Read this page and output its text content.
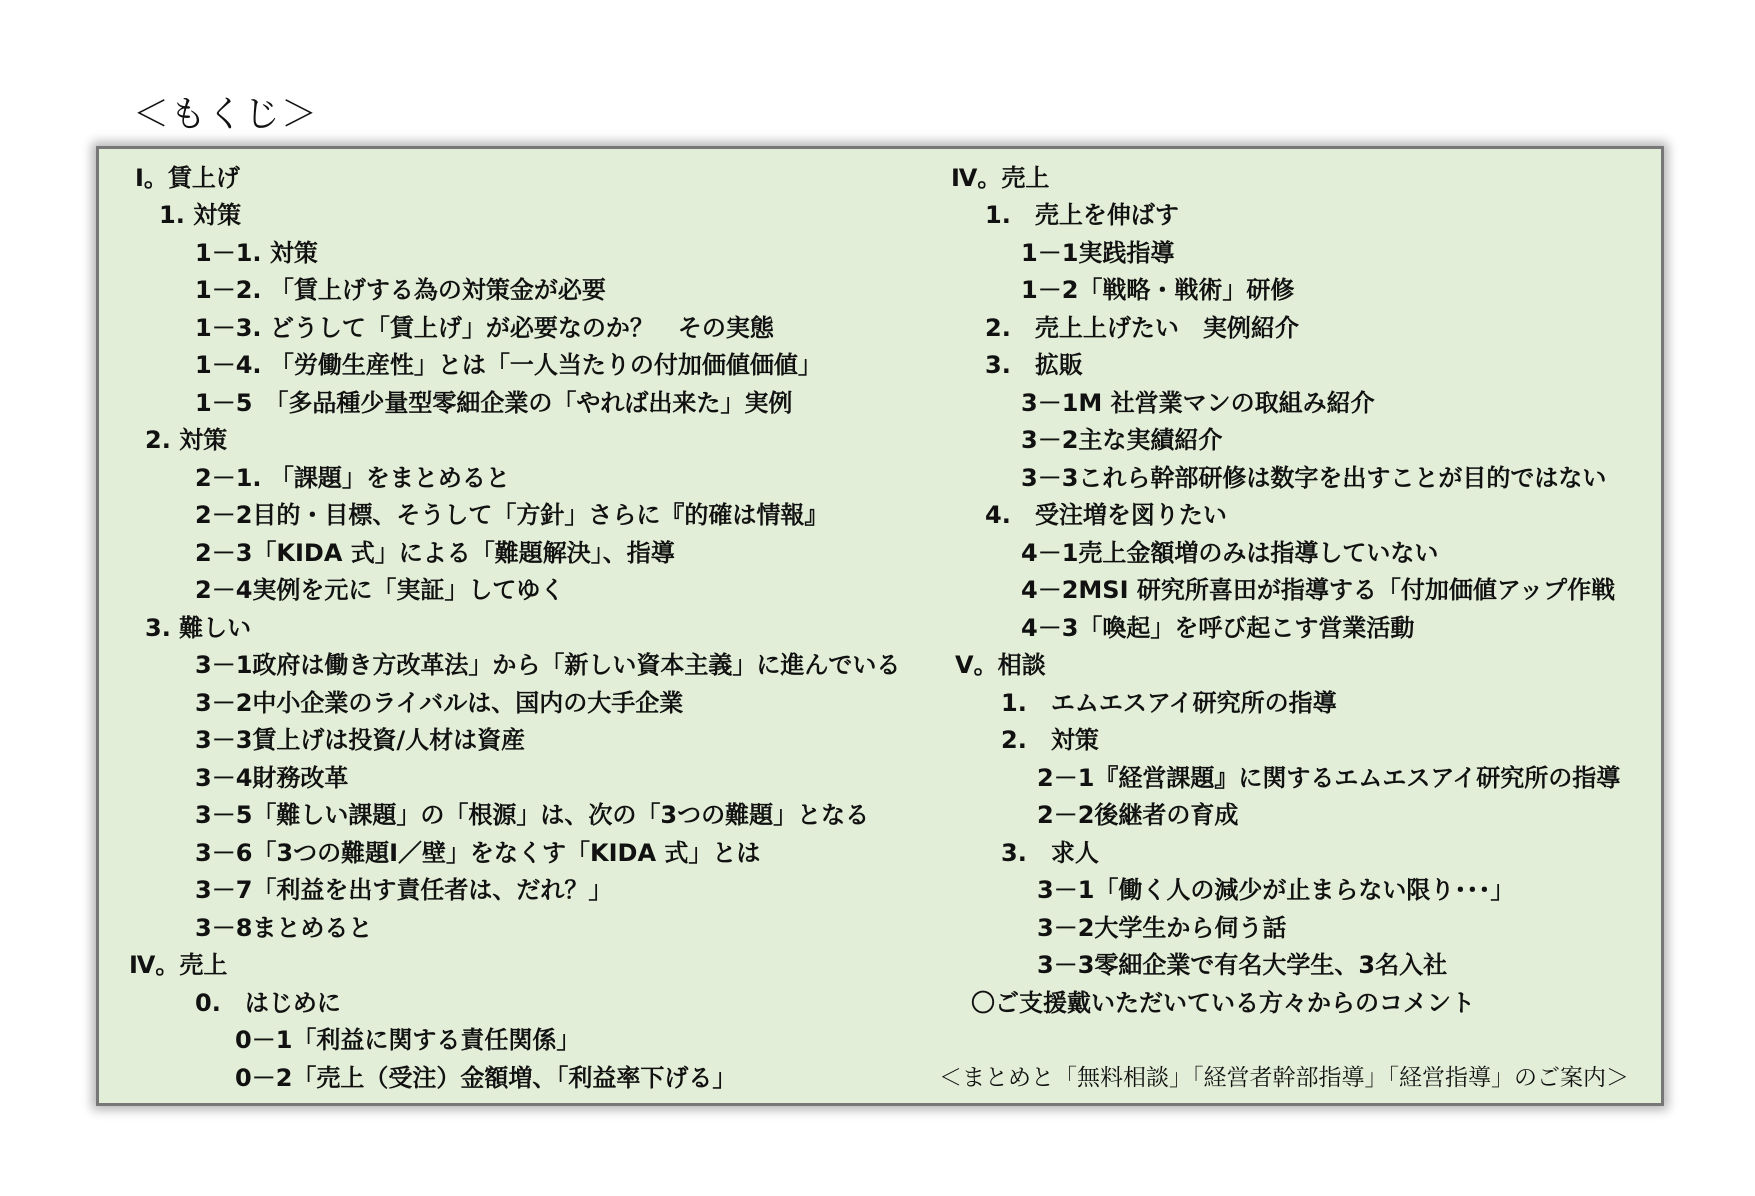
＜もくじ＞
Ⅰ。賃上げ
1. 対策
1－1. 対策
1－2. 「賃上げする為の対策金が必要
1－3. どうして「賃上げ」が必要なのか？　その実態
1－4. 「労働生産性」とは「一人当たりの付加価値価値」
1－5　「多品種少量型零細企業の「やれば出来た」実例
2. 対策
2－1. 「課題」をまとめると
2－2目的・目標、そうして「方針」さらに『的確は情報』
2－3「KIDA 式」による「難題解決」、指導
2－4実例を元に「実証」してゆく
3. 難しい
3－1政府は働き方改革法」から「新しい資本主義」に進んでいる
3－2中小企業のライバルは、国内の大手企業
3－3賃上げは投資/人材は資産
3－4財務改革
3－5「難しい課題」の「根源」は、次の「3つの難題」となる
3－6「3つの難題Ⅰ／壁」をなくす「KIDA 式」とは
3－7「利益を出す責任者は、だれ？」
3－8まとめると
Ⅳ。売上
0.　はじめに
0－1「利益に関する責任関係」
0－2「売上（受注）金額増、「利益率下げる」
Ⅳ。売上
1.　売上を伸ばす
1－1実践指導
1－2「戦略・戦術」研修
2.　売上上げたい　実例紹介
3.　拡販
3－1M 社営業マンの取組み紹介
3－2主な実績紹介
3－3これら幹部研修は数字を出すことが目的ではない
4.　受注増を図りたい
4－1売上金額増のみは指導していない
4－2MSI 研究所喜田が指導する「付加価値アップ作戦
4－3「喚起」を呼び起こす営業活動
Ⅴ。相談
1.　エムエスアイ研究所の指導
2.　対策
2－1『経営課題』に関するエムエスアイ研究所の指導
2－2後継者の育成
3.　求人
3－1「働く人の減少が止まらない限り･･･」
3－2大学生から伺う話
3－3零細企業で有名大学生、3名入社
〇ご支援戴いただいている方々からのコメント
＜まとめと「無料相談」「経営者幹部指導」「経営指導」のご案内＞
